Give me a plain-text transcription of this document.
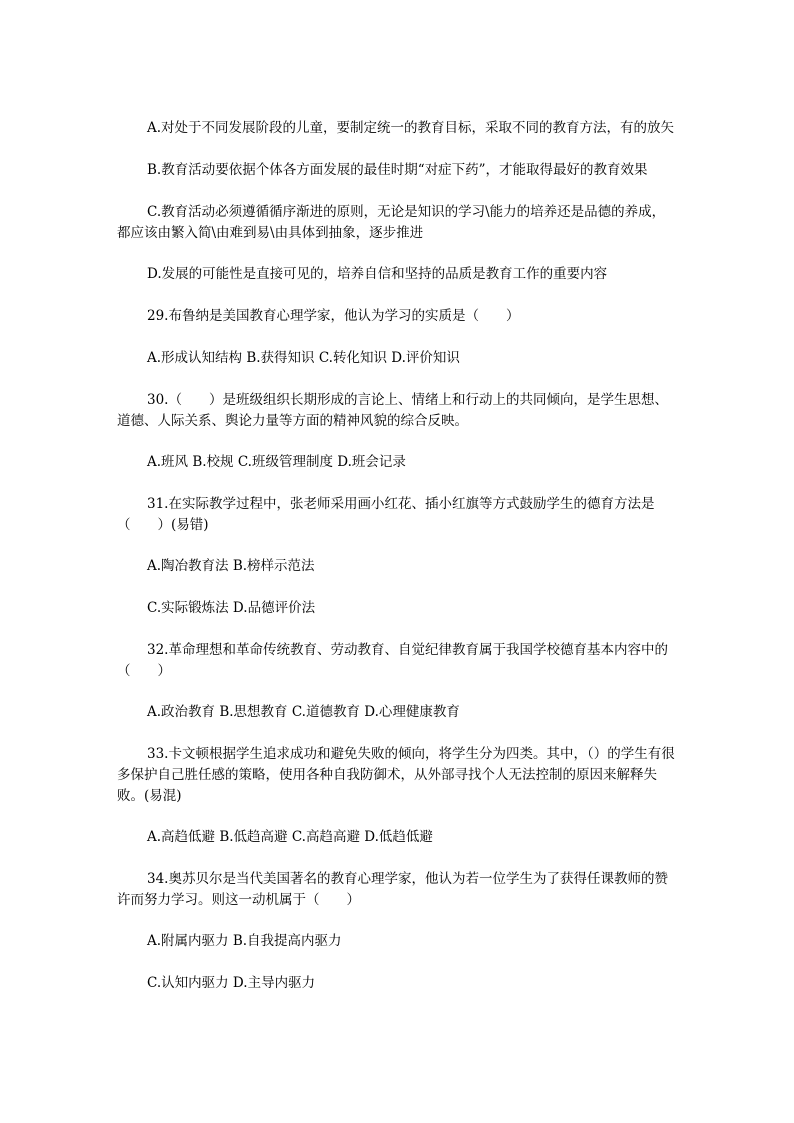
A.对处于不同发展阶段的儿童，要制定统一的教育目标，采取不同的教育方法，有的放矢
B.教育活动要依据个体各方面发展的最佳时期“对症下药”，才能取得最好的教育效果
C.教育活动必须遵循循序渐进的原则，无论是知识的学习\能力的培养还是品德的养成，都应该由繁入简\由难到易\由具体到抽象，逐步推进
D.发展的可能性是直接可见的，培养自信和坚持的品质是教育工作的重要内容
29.布鲁纳是美国教育心理学家，他认为学习的实质是（　　）
A.形成认知结构 B.获得知识 C.转化知识 D.评价知识
30.（　　）是班级组织长期形成的言论上、情绪上和行动上的共同倾向，是学生思想、道德、人际关系、舆论力量等方面的精神风貌的综合反映。
A.班风 B.校规 C.班级管理制度 D.班会记录
31.在实际教学过程中，张老师采用画小红花、插小红旗等方式鼓励学生的德育方法是（　　）(易错)
A.陶冶教育法 B.榜样示范法
C.实际锻炼法 D.品德评价法
32.革命理想和革命传统教育、劳动教育、自觉纪律教育属于我国学校德育基本内容中的（　　）
A.政治教育 B.思想教育 C.道德教育 D.心理健康教育
33.卡文顿根据学生追求成功和避免失败的倾向，将学生分为四类。其中，（）的学生有很多保护自己胜任感的策略，使用各种自我防御术，从外部寻找个人无法控制的原因来解释失败。(易混)
A.高趋低避 B.低趋高避 C.高趋高避 D.低趋低避
34.奥苏贝尔是当代美国著名的教育心理学家，他认为若一位学生为了获得任课教师的赞许而努力学习。则这一动机属于（　　）
A.附属内驱力 B.自我提高内驱力
C.认知内驱力 D.主导内驱力
